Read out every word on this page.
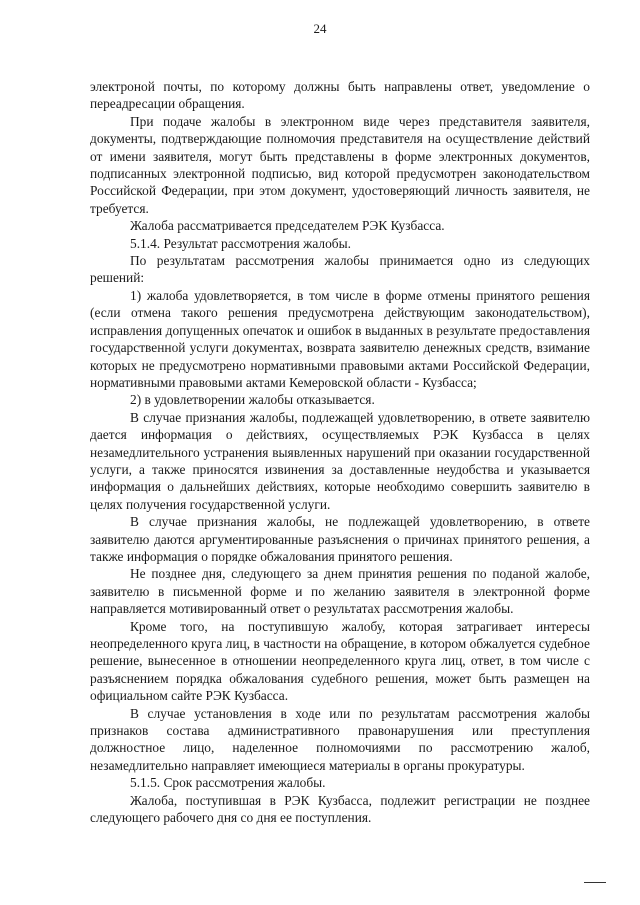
24

электроной почты, по которому должны быть направлены ответ, уведомление о переадресации обращения.

При подаче жалобы в электронном виде через представителя заявителя, документы, подтверждающие полномочия представителя на осуществление действий от имени заявителя, могут быть представлены в форме электронных документов, подписанных электронной подписью, вид которой предусмотрен законодательством Российской Федерации, при этом документ, удостоверяющий личность заявителя, не требуется.

Жалоба рассматривается председателем РЭК Кузбасса.

5.1.4. Результат рассмотрения жалобы.

По результатам рассмотрения жалобы принимается одно из следующих решений:

1) жалоба удовлетворяется, в том числе в форме отмены принятого решения (если отмена такого решения предусмотрена действующим законодательством), исправления допущенных опечаток и ошибок в выданных в результате предоставления государственной услуги документах, возврата заявителю денежных средств, взимание которых не предусмотрено нормативными правовыми актами Российской Федерации, нормативными правовыми актами Кемеровской области - Кузбасса;

2) в удовлетворении жалобы отказывается.

В случае признания жалобы, подлежащей удовлетворению, в ответе заявителю дается информация о действиях, осуществляемых РЭК Кузбасса в целях незамедлительного устранения выявленных нарушений при оказании государственной услуги, а также приносятся извинения за доставленные неудобства и указывается информация о дальнейших действиях, которые необходимо совершить заявителю в целях получения государственной услуги.

В случае признания жалобы, не подлежащей удовлетворению, в ответе заявителю даются аргументированные разъяснения о причинах принятого решения, а также информация о порядке обжалования принятого решения.

Не позднее дня, следующего за днем принятия решения по поданой жалобе, заявителю в письменной форме и по желанию заявителя в электронной форме направляется мотивированный ответ о результатах рассмотрения жалобы.

Кроме того, на поступившую жалобу, которая затрагивает интересы неопределенного круга лиц, в частности на обращение, в котором обжалуется судебное решение, вынесенное в отношении неопределенного круга лиц, ответ, в том числе с разъяснением порядка обжалования судебного решения, может быть размещен на официальном сайте РЭК Кузбасса.

В случае установления в ходе или по результатам рассмотрения жалобы признаков состава административного правонарушения или преступления должностное лицо, наделенное полномочиями по рассмотрению жалоб, незамедлительно направляет имеющиеся материалы в органы прокуратуры.

5.1.5. Срок рассмотрения жалобы.

Жалоба, поступившая в РЭК Кузбасса, подлежит регистрации не позднее следующего рабочего дня со дня ее поступления.
